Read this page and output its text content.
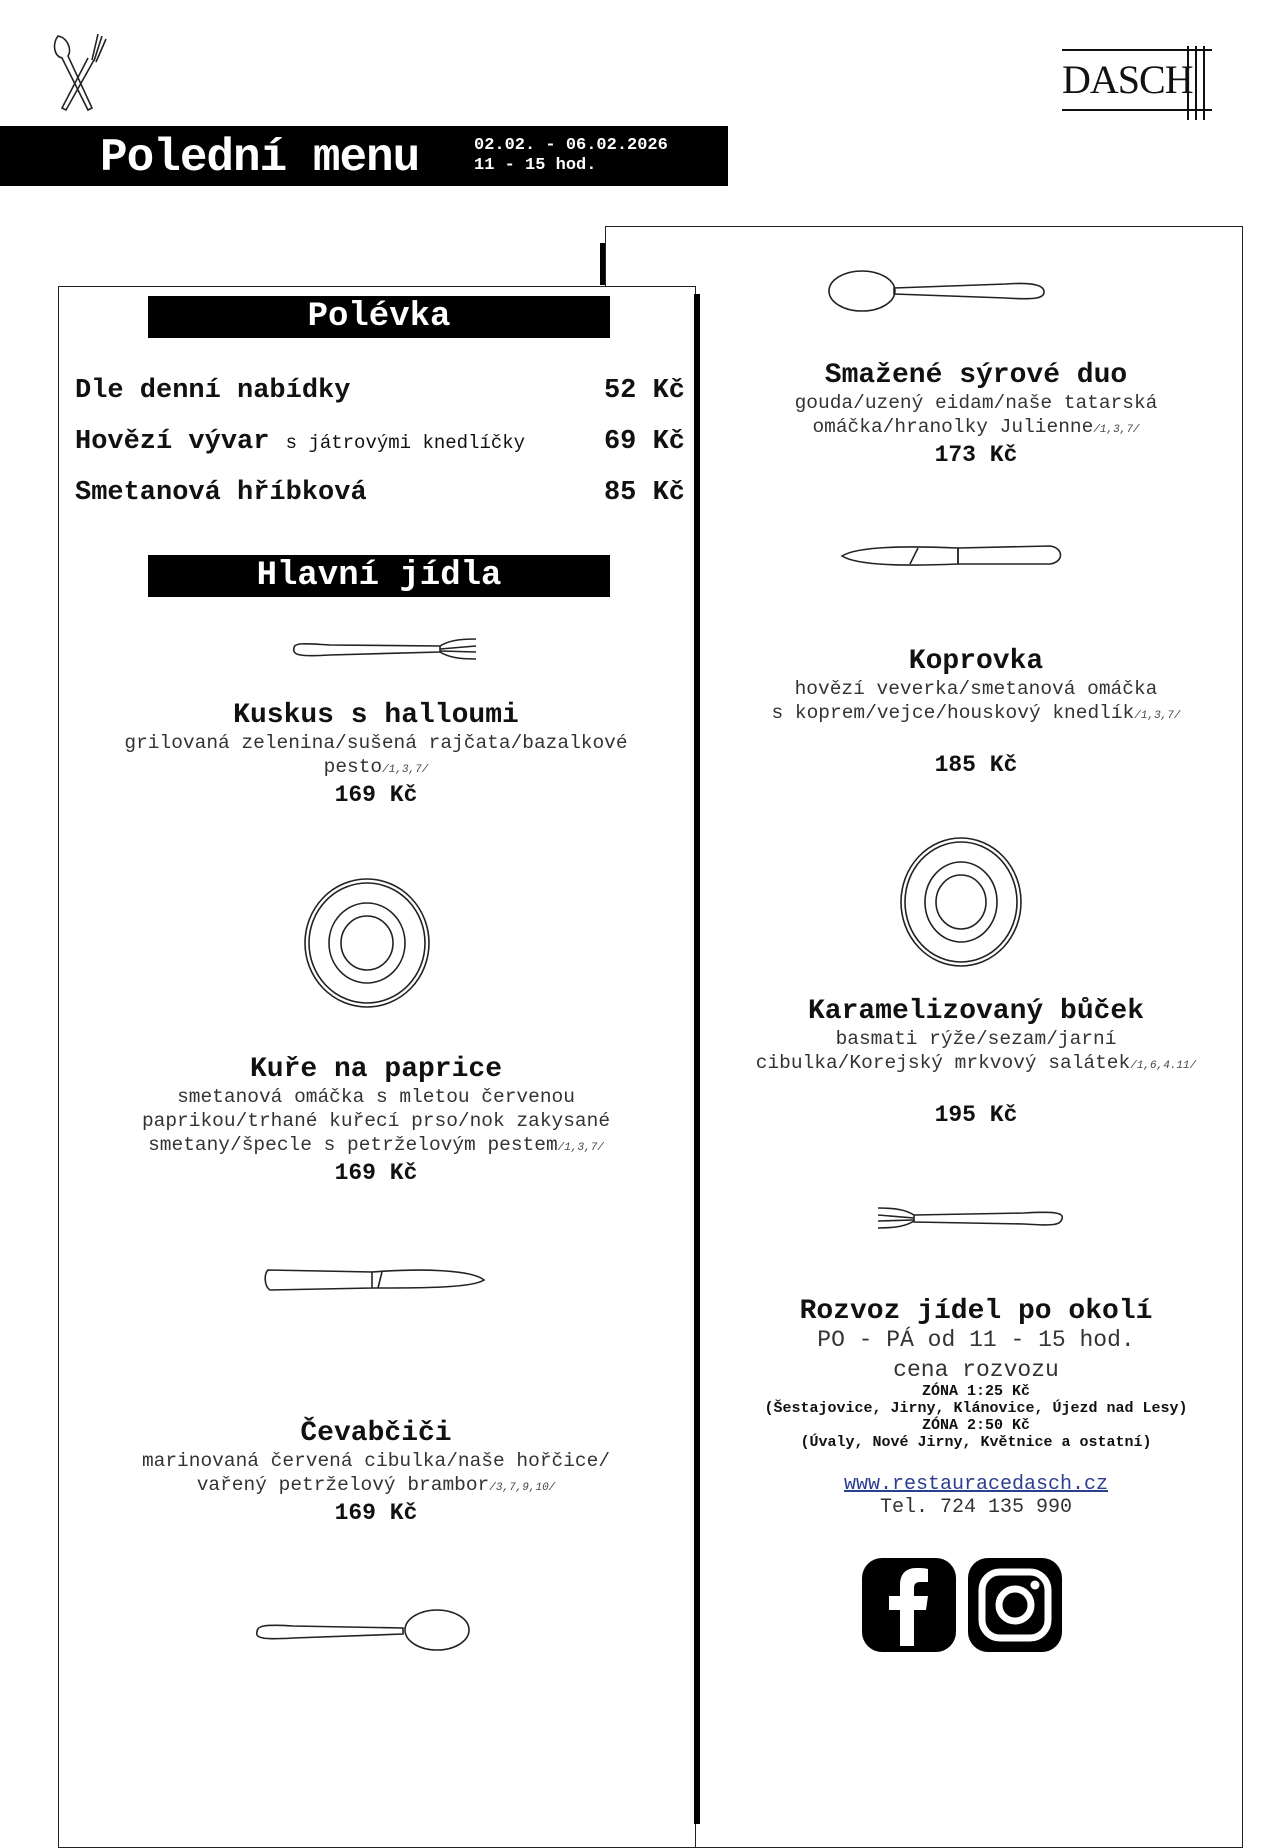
DASCH
Polední menu	02.02. - 06.02.2026
11 - 15 hod.
Polévka
Dle denní nabídky	52 Kč
Hovězí vývar s játrovými knedlíčky	69 Kč
Smetanová hříbková	85 Kč
Hlavní jídla
Kuskus s halloumi
grilovaná zelenina/sušená rajčata/bazalkové
pesto/1,3,7/
169 Kč
Kuře na paprice
smetanová omáčka s mletou červenou
paprikou/trhané kuřecí prso/nok zakysané
smetany/špecle s petrželovým pestem/1,3,7/
169 Kč
Čevabčiči
marinovaná červená cibulka/naše hořčice/
vařený petrželový brambor/3,7,9,10/
169 Kč
Smažené sýrové duo
gouda/uzený eidam/naše tatarská
omáčka/hranolky Julienne/1,3,7/
173 Kč
Koprovka
hovězí veverka/smetanová omáčka
s koprem/vejce/houskový knedlík/1,3,7/
185 Kč
Karamelizovaný bůček
basmati rýže/sezam/jarní
cibulka/Korejský mrkvový salátek/1,6,4.11/
195 Kč
Rozvoz jídel po okolí
PO - PÁ od 11 - 15 hod.
cena rozvozu
ZÓNA 1:25 Kč
(Šestajovice, Jirny, Klánovice, Újezd nad Lesy)
ZÓNA 2:50 Kč
(Úvaly, Nové Jirny, Květnice a ostatní)
www.restauracedasch.cz
Tel. 724 135 990
